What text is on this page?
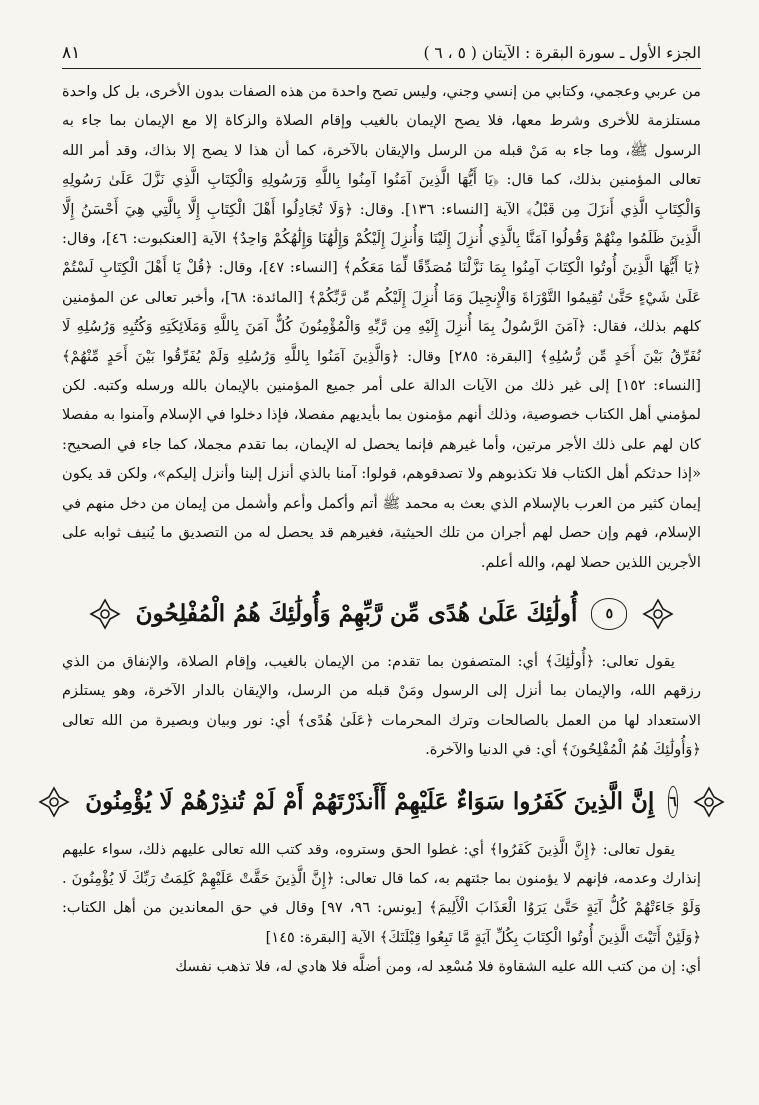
الجزء الأول ـ سورة البقرة : الآيتان ( ٥ ، ٦ )
٨١

من عربي وعجمي، وكتابي من إنسي وجني، وليس تصح واحدة من هذه الصفات بدون الأخرى، بل كل واحدة مستلزمة للأخرى وشرط معها، فلا يصح الإيمان بالغيب وإقام الصلاة والزكاة إلا مع الإيمان بما جاء به الرسول ﷺ، وما جاء به مَنْ قبله من الرسل والإيقان بالآخرة، كما أن هذا لا يصح إلا بذاك، وقد أمر الله تعالى المؤمنين بذلك، كما قال: ﴿يَا أَيُّهَا الَّذِينَ آمَنُوا آمِنُوا بِاللَّهِ وَرَسُولِهِ وَالْكِتَابِ الَّذِي نَزَّلَ عَلَىٰ رَسُولِهِ وَالْكِتَابِ الَّذِي أَنزَلَ مِن قَبْلُ﴾ الآية [النساء: ١٣٦]. وقال: ﴿وَلَا تُجَادِلُوا أَهْلَ الْكِتَابِ إِلَّا بِالَّتِي هِيَ أَحْسَنُ إِلَّا الَّذِينَ ظَلَمُوا مِنْهُمْ وَقُولُوا آمَنَّا بِالَّذِي أُنزِلَ إِلَيْنَا وَأُنزِلَ إِلَيْكُمْ وَإِلَٰهُنَا وَإِلَٰهُكُمْ وَاحِدٌ﴾ الآية [العنكبوت: ٤٦]، وقال: ﴿يَا أَيُّهَا الَّذِينَ أُوتُوا الْكِتَابَ آمِنُوا بِمَا نَزَّلْنَا مُصَدِّقًا لِّمَا مَعَكُم﴾ [النساء: ٤٧]، وقال: ﴿قُلْ يَا أَهْلَ الْكِتَابِ لَسْتُمْ عَلَىٰ شَيْءٍ حَتَّىٰ تُقِيمُوا التَّوْرَاةَ وَالْإِنجِيلَ وَمَا أُنزِلَ إِلَيْكُم مِّن رَّبِّكُمْ﴾ [المائدة: ٦٨]، وأخبر تعالى عن المؤمنين كلهم بذلك، فقال: ﴿آمَنَ الرَّسُولُ بِمَا أُنزِلَ إِلَيْهِ مِن رَّبِّهِ وَالْمُؤْمِنُونَ كُلٌّ آمَنَ بِاللَّهِ وَمَلَائِكَتِهِ وَكُتُبِهِ وَرُسُلِهِ لَا نُفَرِّقُ بَيْنَ أَحَدٍ مِّن رُّسُلِهِ﴾ [البقرة: ٢٨٥] وقال: ﴿وَالَّذِينَ آمَنُوا بِاللَّهِ وَرُسُلِهِ وَلَمْ يُفَرِّقُوا بَيْنَ أَحَدٍ مِّنْهُمْ﴾ [النساء: ١٥٢] إلى غير ذلك من الآيات الدالة على أمر جميع المؤمنين بالإيمان بالله ورسله وكتبه. لكن لمؤمني أهل الكتاب خصوصية، وذلك أنهم مؤمنون بما بأيديهم مفصلا، فإذا دخلوا في الإسلام وآمنوا به مفصلا كان لهم على ذلك الأجر مرتين، وأما غيرهم فإنما يحصل له الإيمان، بما تقدم مجملا، كما جاء في الصحيح: «إذا حدثكم أهل الكتاب فلا تكذبوهم ولا تصدقوهم، قولوا: آمنا بالذي أنزل إلينا وأنزل إليكم»، ولكن قد يكون إيمان كثير من العرب بالإسلام الذي بعث به محمد ﷺ أتم وأكمل وأعم وأشمل من إيمان من دخل منهم في الإسلام، فهم وإن حصل لهم أجران من تلك الحيثية، فغيرهم قد يحصل له من التصديق ما يُنيف ثوابه على الأجرين اللذين حصلا لهم، والله أعلم.

٥
أُولَٰئِكَ عَلَىٰ هُدًى مِّن رَّبِّهِمْ وَأُولَٰئِكَ هُمُ الْمُفْلِحُونَ

يقول تعالى: ﴿أُولَٰئِكَ﴾ أي: المتصفون بما تقدم: من الإيمان بالغيب، وإقام الصلاة، والإنفاق من الذي رزقهم الله، والإيمان بما أنزل إلى الرسول ومَنْ قبله من الرسل، والإيقان بالدار الآخرة، وهو يستلزم الاستعداد لها من العمل بالصالحات وترك المحرمات ﴿عَلَىٰ هُدًى﴾ أي: نور وبيان وبصيرة من الله تعالى ﴿وَأُولَٰئِكَ هُمُ الْمُفْلِحُونَ﴾ أي: في الدنيا والآخرة.

٦
إِنَّ الَّذِينَ كَفَرُوا سَوَاءٌ عَلَيْهِمْ أَأَنذَرْتَهُمْ أَمْ لَمْ تُنذِرْهُمْ لَا يُؤْمِنُونَ

يقول تعالى: ﴿إِنَّ الَّذِينَ كَفَرُوا﴾ أي: غطوا الحق وستروه، وقد كتب الله تعالى عليهم ذلك، سواء عليهم إنذارك وعدمه، فإنهم لا يؤمنون بما جئتهم به، كما قال تعالى: ﴿إِنَّ الَّذِينَ حَقَّتْ عَلَيْهِمْ كَلِمَتُ رَبِّكَ لَا يُؤْمِنُونَ . وَلَوْ جَاءَتْهُمْ كُلُّ آيَةٍ حَتَّىٰ يَرَوُا الْعَذَابَ الْأَلِيمَ﴾ [يونس: ٩٦، ٩٧] وقال في حق المعاندين من أهل الكتاب: ﴿وَلَئِنْ أَتَيْتَ الَّذِينَ أُوتُوا الْكِتَابَ بِكُلِّ آيَةٍ مَّا تَبِعُوا قِبْلَتَكَ﴾ الآية [البقرة: ١٤٥]

أي: إن من كتب الله عليه الشقاوة فلا مُسْعِد له، ومن أضلَّه فلا هادي له، فلا تذهب نفسك
